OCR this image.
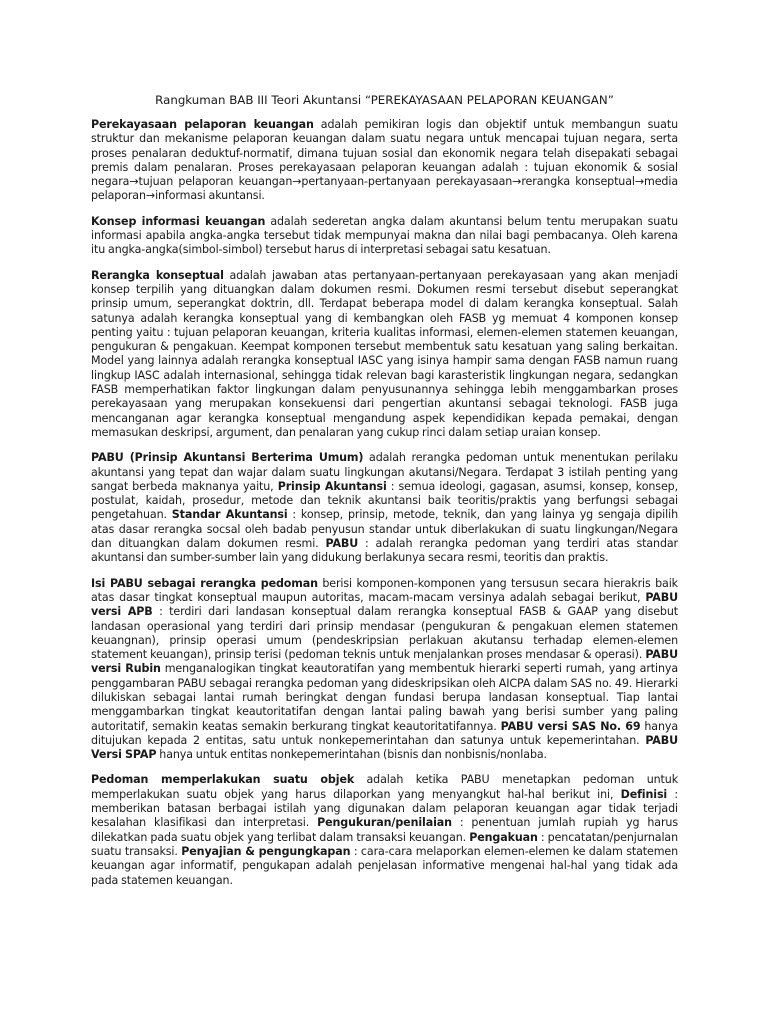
Rangkuman BAB III Teori Akuntansi “PEREKAYASAAN PELAPORAN KEUANGAN”

Perekayasaan pelaporan keuangan adalah pemikiran logis dan objektif untuk membangun suatu struktur dan mekanisme pelaporan keuangan dalam suatu negara untuk mencapai tujuan negara, serta proses penalaran deduktuf-normatif, dimana tujuan sosial dan ekonomik negara telah disepakati sebagai premis dalam penalaran. Proses perekayasaan pelaporan keuangan adalah : tujuan ekonomik & sosial negara→tujuan pelaporan keuangan→pertanyaan-pertanyaan perekayasaan→rerangka konseptual→media pelaporan→informasi akuntansi.

Konsep informasi keuangan adalah sederetan angka dalam akuntansi belum tentu merupakan suatu informasi apabila angka-angka tersebut tidak mempunyai makna dan nilai bagi pembacanya. Oleh karena itu angka-angka(simbol-simbol) tersebut harus di interpretasi sebagai satu kesatuan.

Rerangka konseptual adalah jawaban atas pertanyaan-pertanyaan perekayasaan yang akan menjadi konsep terpilih yang dituangkan dalam dokumen resmi. Dokumen resmi tersebut disebut seperangkat prinsip umum, seperangkat doktrin, dll. Terdapat beberapa model di dalam kerangka konseptual. Salah satunya adalah kerangka konseptual yang di kembangkan oleh FASB yg memuat 4 komponen konsep penting yaitu : tujuan pelaporan keuangan, kriteria kualitas informasi, elemen-elemen statemen keuangan, pengukuran & pengakuan. Keempat komponen tersebut membentuk satu kesatuan yang saling berkaitan. Model yang lainnya adalah rerangka konseptual IASC yang isinya hampir sama dengan FASB namun ruang lingkup IASC adalah internasional, sehingga tidak relevan bagi karasteristik lingkungan negara, sedangkan FASB memperhatikan faktor lingkungan dalam penyusunannya sehingga lebih menggambarkan proses perekayasaan yang merupakan konsekuensi dari pengertian akuntansi sebagai teknologi. FASB juga mencanganan agar kerangka konseptual mengandung aspek kependidikan kepada pemakai, dengan memasukan deskripsi, argument, dan penalaran yang cukup rinci dalam setiap uraian konsep.

PABU (Prinsip Akuntansi Berterima Umum) adalah rerangka pedoman untuk menentukan perilaku akuntansi yang tepat dan wajar dalam suatu lingkungan akutansi/Negara. Terdapat 3 istilah penting yang sangat berbeda maknanya yaitu, Prinsip Akuntansi : semua ideologi, gagasan, asumsi, konsep, konsep, postulat, kaidah, prosedur, metode dan teknik akuntansi baik teoritis/praktis yang berfungsi sebagai pengetahuan. Standar Akuntansi : konsep, prinsip, metode, teknik, dan yang lainya yg sengaja dipilih atas dasar rerangka socsal oleh badab penyusun standar untuk diberlakukan di suatu lingkungan/Negara dan dituangkan dalam dokumen resmi. PABU : adalah rerangka pedoman yang terdiri atas standar akuntansi dan sumber-sumber lain yang didukung berlakunya secara resmi, teoritis dan praktis.

Isi PABU sebagai rerangka pedoman berisi komponen-komponen yang tersusun secara hierakris baik atas dasar tingkat konseptual maupun autoritas, macam-macam versinya adalah sebagai berikut, PABU versi APB : terdiri dari landasan konseptual dalam rerangka konseptual FASB & GAAP yang disebut landasan operasional yang terdiri dari prinsip mendasar (pengukuran & pengakuan elemen statemen keuangnan), prinsip operasi umum (pendeskripsian perlakuan akutansu terhadap elemen-elemen statement keuangan), prinsip terisi (pedoman teknis untuk menjalankan proses mendasar & operasi). PABU versi Rubin menganalogikan tingkat keautoratifan yang membentuk hierarki seperti rumah, yang artinya penggambaran PABU sebagai rerangka pedoman yang dideskripsikan oleh AICPA dalam SAS no. 49. Hierarki dilukiskan sebagai lantai rumah beringkat dengan fundasi berupa landasan konseptual. Tiap lantai menggambarkan tingkat keautoritatifan dengan lantai paling bawah yang berisi sumber yang paling autoritatif, semakin keatas semakin berkurang tingkat keautoritatifannya. PABU versi SAS No. 69 hanya ditujukan kepada 2 entitas, satu untuk nonkepemerintahan dan satunya untuk kepemerintahan. PABU Versi SPAP hanya untuk entitas nonkepemerintahan (bisnis dan nonbisnis/nonlaba.

Pedoman memperlakukan suatu objek adalah ketika PABU menetapkan pedoman untuk memperlakukan suatu objek yang harus dilaporkan yang menyangkut hal-hal berikut ini, Definisi : memberikan batasan berbagai istilah yang digunakan dalam pelaporan keuangan agar tidak terjadi kesalahan klasifikasi dan interpretasi. Pengukuran/penilaian : penentuan jumlah rupiah yg harus dilekatkan pada suatu objek yang terlibat dalam transaksi keuangan. Pengakuan : pencatatan/penjurnalan suatu transaksi. Penyajian & pengungkapan : cara-cara melaporkan elemen-elemen ke dalam statemen keuangan agar informatif, pengukapan adalah penjelasan informative mengenai hal-hal yang tidak ada pada statemen keuangan.
